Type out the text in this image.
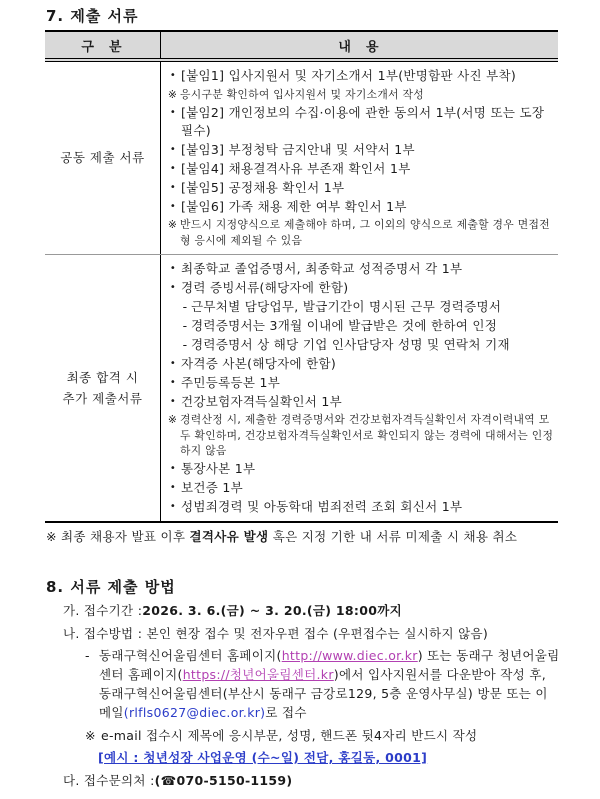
7. 제출 서류
구  분	내  용
공동 제출 서류
• [붙임1] 입사지원서 및 자기소개서 1부(반명함판 사진 부착)
※ 응시구분 확인하여 입사지원서 및 자기소개서 작성
• [붙임2] 개인정보의 수집·이용에 관한 동의서 1부(서명 또는 도장필수)
• [붙임3] 부정청탁 금지안내 및 서약서 1부
• [붙임4] 채용결격사유 부존재 확인서 1부
• [붙임5] 공정채용 확인서 1부
• [붙임6] 가족 채용 제한 여부 확인서 1부
※ 반드시 지정양식으로 제출해야 하며, 그 이외의 양식으로 제출할 경우 면접전형 응시에 제외될 수 있음
최종 합격 시
추가 제출서류
• 최종학교 졸업증명서, 최종학교 성적증명서 각 1부
• 경력 증빙서류(해당자에 한함)
- 근무처별 담당업무, 발급기간이 명시된 근무 경력증명서
- 경력증명서는 3개월 이내에 발급받은 것에 한하여 인정
- 경력증명서 상 해당 기업 인사담당자 성명 및 연락처 기재
• 자격증 사본(해당자에 한함)
• 주민등록등본 1부
• 건강보험자격득실확인서 1부
※ 경력산정 시, 제출한 경력증명서와 건강보험자격득실확인서 자격이력내역 모두 확인하며, 건강보험자격득실확인서로 확인되지 않는 경력에 대해서는 인정하지 않음
• 통장사본 1부
• 보건증 1부
• 성범죄경력 및 아동학대 범죄전력 조회 회신서 1부
※ 최종 채용자 발표 이후 결격사유 발생 혹은 지정 기한 내 서류 미제출 시 채용 취소
8. 서류 제출 방법
가. 접수기간 : 2026. 3. 6.(금) ~ 3. 20.(금) 18:00까지
나. 접수방법 : 본인 현장 접수 및 전자우편 접수 (우편접수는 실시하지 않음)
- 동래구혁신어울림센터 홈페이지(http://www.diec.or.kr) 또는 동래구 청년어울림센터 홈페이지(https://청년어울림센터.kr)에서 입사지원서를 다운받아 작성 후, 동래구혁신어울림센터(부산시 동래구 금강로129, 5층 운영사무실) 방문 또는 이메일(rlfls0627@diec.or.kr)로 접수
※ e-mail 접수시 제목에 응시부문, 성명, 핸드폰 뒷4자리 반드시 작성
[예시 : 청년성장 사업운영 (수~일) 전담, 홍길동, 0001]
다. 접수문의처 : (☎070-5150-1159)
